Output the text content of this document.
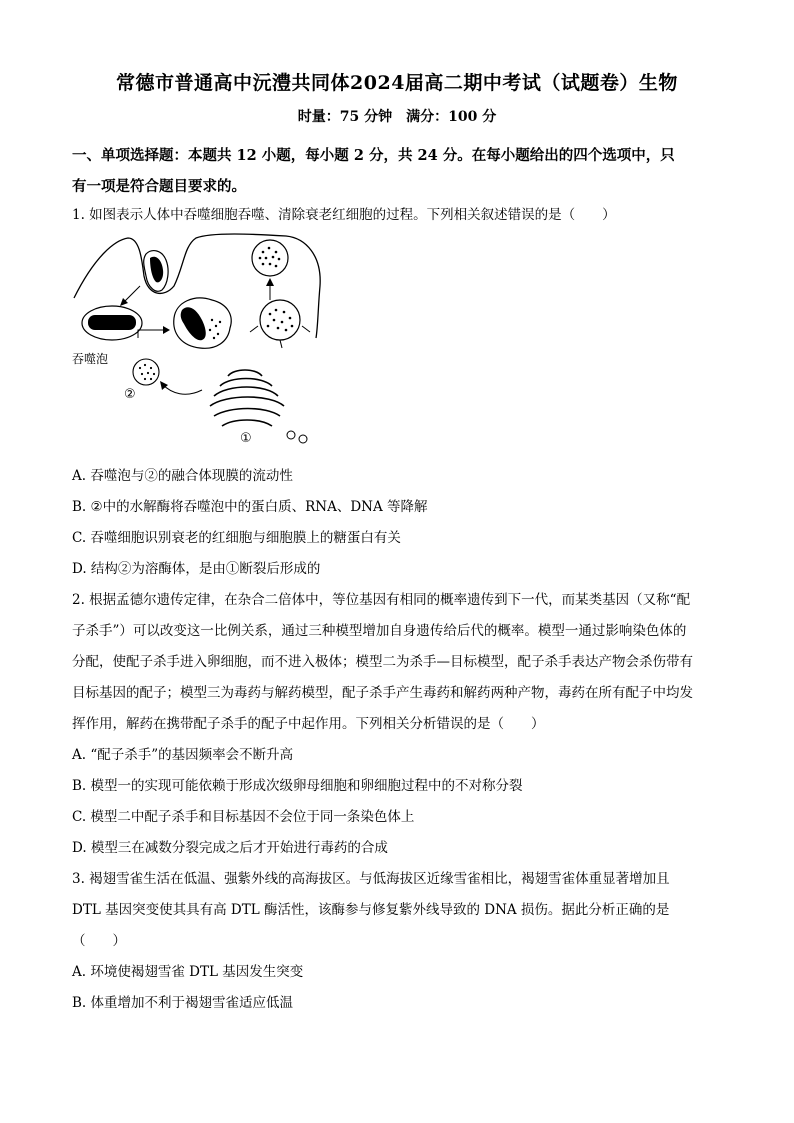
常德市普通高中沅澧共同体2024届高二期中考试（试题卷）生物
时量：75 分钟　满分：100 分
一、单项选择题：本题共 12 小题，每小题 2 分，共 24 分。在每小题给出的四个选项中，只
有一项是符合题目要求的。
1. 如图表示人体中吞噬细胞吞噬、清除衰老红细胞的过程。下列相关叙述错误的是（　　）
吞噬泡
②
①
A. 吞噬泡与②的融合体现膜的流动性
B. ②中的水解酶将吞噬泡中的蛋白质、RNA、DNA 等降解
C. 吞噬细胞识别衰老的红细胞与细胞膜上的糖蛋白有关
D. 结构②为溶酶体，是由①断裂后形成的
2. 根据孟德尔遗传定律，在杂合二倍体中，等位基因有相同的概率遗传到下一代，而某类基因（又称“配
子杀手”）可以改变这一比例关系，通过三种模型增加自身遗传给后代的概率。模型一通过影响染色体的
分配，使配子杀手进入卵细胞，而不进入极体；模型二为杀手—目标模型，配子杀手表达产物会杀伤带有
目标基因的配子；模型三为毒药与解药模型，配子杀手产生毒药和解药两种产物，毒药在所有配子中均发
挥作用，解药在携带配子杀手的配子中起作用。下列相关分析错误的是（　　）
A. “配子杀手”的基因频率会不断升高
B. 模型一的实现可能依赖于形成次级卵母细胞和卵细胞过程中的不对称分裂
C. 模型二中配子杀手和目标基因不会位于同一条染色体上
D. 模型三在减数分裂完成之后才开始进行毒药的合成
3. 褐翅雪雀生活在低温、强紫外线的高海拔区。与低海拔区近缘雪雀相比，褐翅雪雀体重显著增加且
DTL 基因突变使其具有高 DTL 酶活性，该酶参与修复紫外线导致的 DNA 损伤。据此分析正确的是
（　　）
A. 环境使褐翅雪雀 DTL 基因发生突变
B. 体重增加不利于褐翅雪雀适应低温
